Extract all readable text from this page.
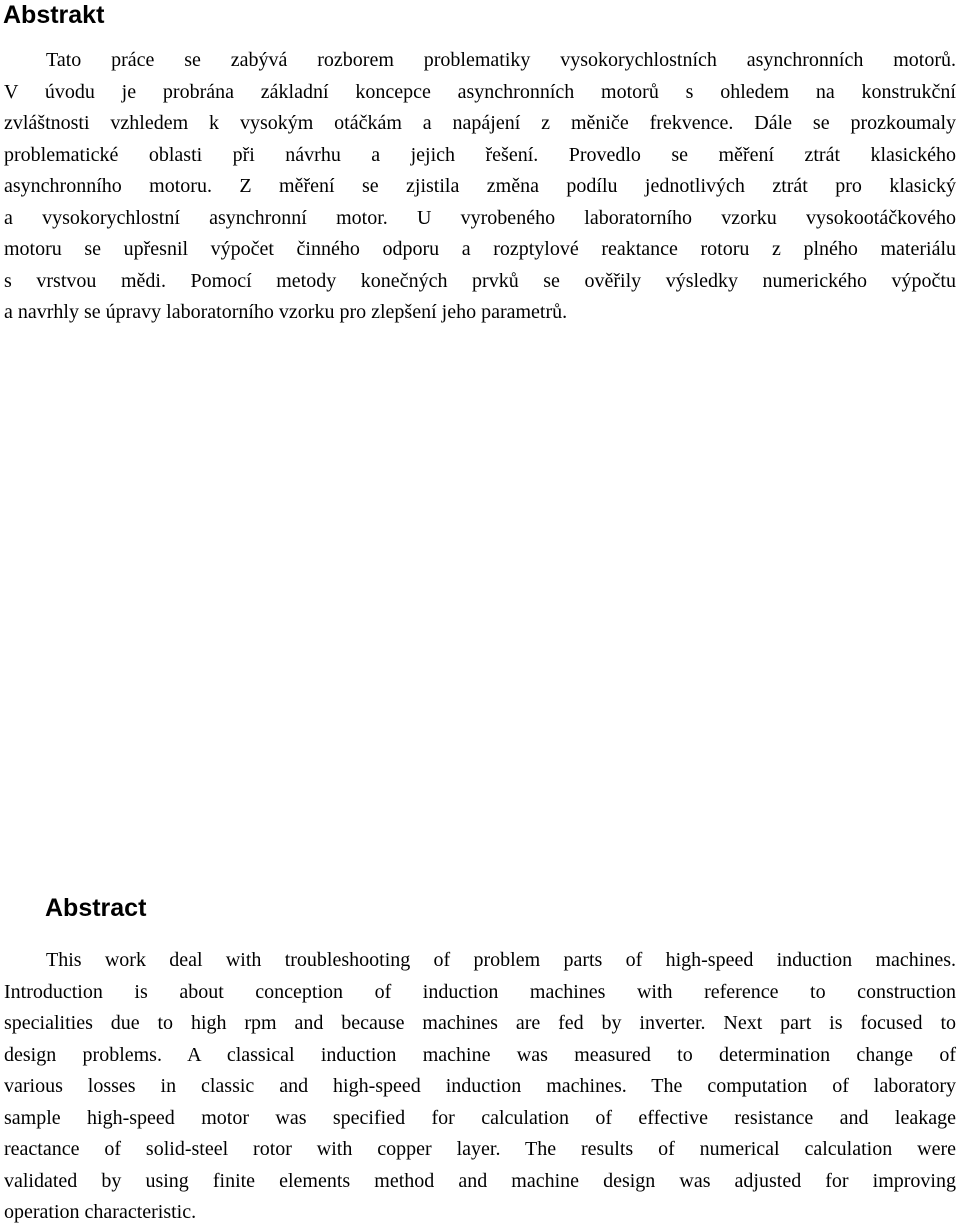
Abstrakt
Tato práce se zabývá rozborem problematiky vysokorychlostních asynchronních motorů.
V úvodu je probrána základní koncepce asynchronních motorů s ohledem na konstrukční
zvláštnosti vzhledem k vysokým otáčkám a napájení z měniče frekvence. Dále se prozkoumaly
problematické oblasti při návrhu a jejich řešení. Provedlo se měření ztrát klasického
asynchronního motoru. Z měření se zjistila změna podílu jednotlivých ztrát pro klasický
a vysokorychlostní asynchronní motor. U vyrobeného laboratorního vzorku vysokootáčkového
motoru se upřesnil výpočet činného odporu a rozptylové reaktance rotoru z plného materiálu
s vrstvou mědi. Pomocí metody konečných prvků se ověřily výsledky numerického výpočtu
a navrhly se úpravy laboratorního vzorku pro zlepšení jeho parametrů.
Abstract
This work deal with troubleshooting of problem parts of high-speed induction machines.
Introduction is about conception of induction machines with reference to construction
specialities due to high rpm and because machines are fed by inverter. Next part is focused to
design problems. A classical induction machine was measured to determination change of
various losses in classic and high-speed induction machines. The computation of laboratory
sample high-speed motor was specified for calculation of effective resistance and leakage
reactance of solid-steel rotor with copper layer. The results of numerical calculation were
validated by using finite elements method and machine design was adjusted for improving
operation characteristic.
